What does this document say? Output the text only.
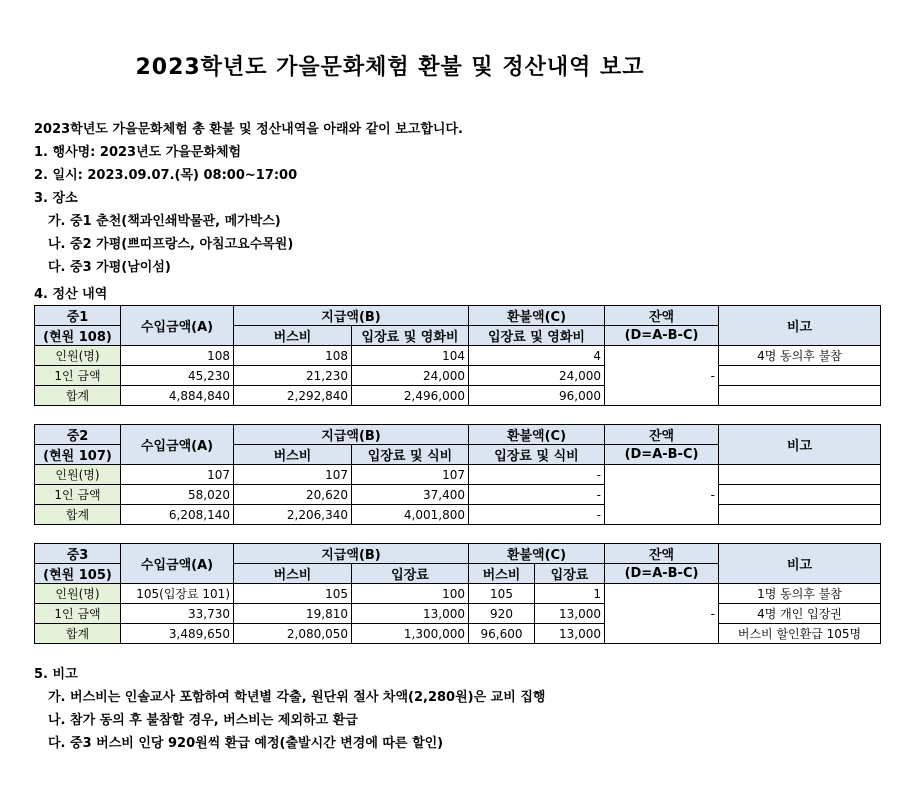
2023학년도 가을문화체험 환불 및 정산내역 보고
2023학년도 가을문화체험 총 환불 및 정산내역을 아래와 같이 보고합니다.
1. 행사명: 2023년도 가을문화체험
2. 일시: 2023.09.07.(목) 08:00~17:00
3. 장소
가. 중1 춘천(책과인쇄박물관, 메가박스)
나. 중2 가평(쁘띠프랑스, 아침고요수목원)
다. 중3 가평(남이섬)
4. 정산 내역
중1	수입금액(A)	지급액(B)		환불액(C)	잔액	비고
(현원 108)		버스비	입장료 및 영화비	입장료 및 영화비	(D=A-B-C)	
인원(명)	108	108	104	4	-	4명 동의후 불참
1인 금액	45,230	21,230	24,000	24,000		
합계	4,884,840	2,292,840	2,496,000	96,000		
중2	수입금액(A)	지급액(B)		환불액(C)	잔액	비고
(현원 107)		버스비	입장료 및 식비	입장료 및 식비	(D=A-B-C)	
인원(명)	107	107	107	-	-	
1인 금액	58,020	20,620	37,400	-		
합계	6,208,140	2,206,340	4,001,800	-		
중3	수입금액(A)	지급액(B)		환불액(C)		잔액	비고
(현원 105)		버스비	입장료	버스비	입장료	(D=A-B-C)	
인원(명)	105(입장료 101)	105	100	105	1	-	1명 동의후 불참
1인 금액	33,730	19,810	13,000	920	13,000		4명 개인 입장권
합계	3,489,650	2,080,050	1,300,000	96,600	13,000		버스비 할인환급 105명
5. 비고
가. 버스비는 인솔교사 포함하여 학년별 각출, 원단위 절사 차액(2,280원)은 교비 집행
나. 참가 동의 후 불참할 경우, 버스비는 제외하고 환급
다. 중3 버스비 인당 920원씩 환급 예정(출발시간 변경에 따른 할인)
